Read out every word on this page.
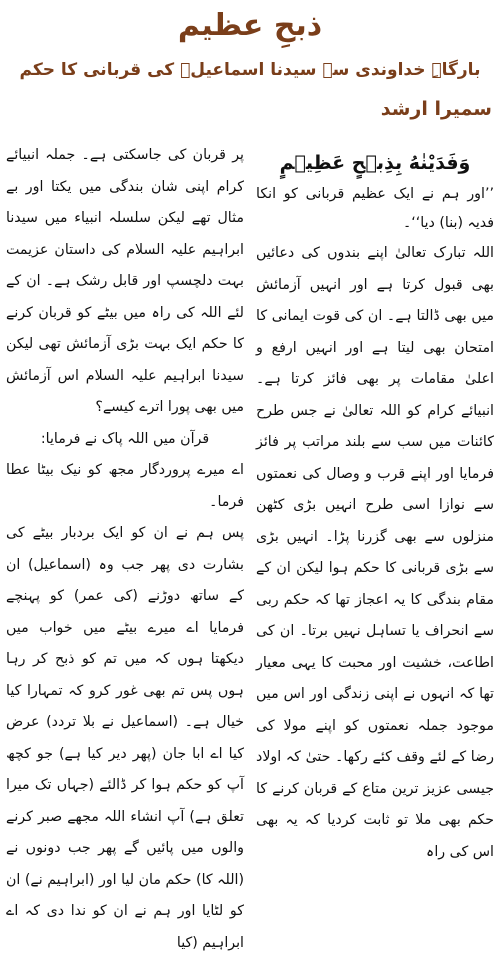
ذبحِ عظیم
بارگاہِ خداوندی سے سیدنا اسماعیلؑ کی قربانی کا حکم
سمیرا ارشد

وَفَدَيْنٰهُ بِذِبۡحٍ عَظِيۡمٍ

’’اور ہم نے ایک عظیم قربانی کو انکا فدیہ (بنا) دیا‘‘۔

اللہ تبارک تعالیٰ اپنے بندوں کی دعائیں بھی قبول کرتا ہے اور انہیں آزمائش میں بھی ڈالتا ہے۔ ان کی قوت ایمانی کا امتحان بھی لیتا ہے اور انہیں ارفع و اعلیٰ مقامات پر بھی فائز کرتا ہے۔ انبیائے کرام کو اللہ تعالیٰ نے جس طرح کائنات میں سب سے بلند مراتب پر فائز فرمایا اور اپنے قرب و وصال کی نعمتوں سے نوازا اسی طرح انہیں بڑی کٹھن منزلوں سے بھی گزرنا پڑا۔ انہیں بڑی سے بڑی قربانی کا حکم ہوا لیکن ان کے مقام بندگی کا یہ اعجاز تھا کہ حکم ربی سے انحراف یا تساہل نہیں برتا۔ ان کی اطاعت، خشیت اور محبت کا یہی معیار تھا کہ انہوں نے اپنی زندگی اور اس میں موجود جملہ نعمتوں کو اپنے مولا کی رضا کے لئے وقف کئے رکھا۔ حتیٰ کہ اولاد جیسی عزیز ترین متاع کے قربان کرنے کا حکم بھی ملا تو ثابت کردیا کہ یہ بھی اس کی راہ

پر قربان کی جاسکتی ہے۔ جملہ انبیائے کرام اپنی شان بندگی میں یکتا اور بے مثال تھے لیکن سلسلہ انبیاء میں سیدنا ابراہیم علیہ السلام کی داستان عزیمت بہت دلچسپ اور قابل رشک ہے۔ ان کے لئے اللہ کی راہ میں بیٹے کو قربان کرنے کا حکم ایک بہت بڑی آزمائش تھی لیکن سیدنا ابراہیم علیہ السلام اس آزمائش میں بھی پورا اترے کیسے؟

قرآن میں اللہ پاک نے فرمایا:

اے میرے پروردگار مجھ کو نیک بیٹا عطا فرما۔

پس ہم نے ان کو ایک بردبار بیٹے کی بشارت دی پھر جب وہ (اسماعیل) ان کے ساتھ دوڑنے (کی عمر) کو پہنچے فرمایا اے میرے بیٹے میں خواب میں دیکھتا ہوں کہ میں تم کو ذبح کر رہا ہوں پس تم بھی غور کرو کہ تمہارا کیا خیال ہے۔ (اسماعیل نے بلا تردد) عرض کیا اے ابا جان (پھر دیر کیا ہے) جو کچھ آپ کو حکم ہوا کر ڈالئے (جہاں تک میرا تعلق ہے) آپ انشاء اللہ مجھے صبر کرنے والوں میں پائیں گے پھر جب دونوں نے (اللہ کا) حکم مان لیا اور (ابراہیم نے) ان کو لٹایا اور ہم نے ان کو ندا دی کہ اے ابراہیم (کیا
